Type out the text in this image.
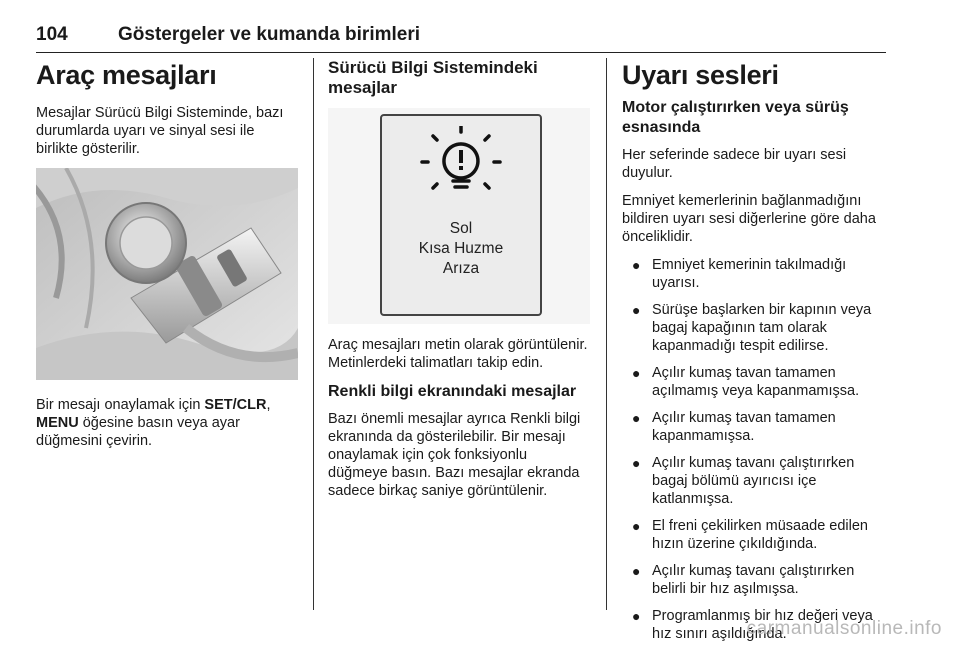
104	Göstergeler ve kumanda birimleri
Araç mesajları

Mesajlar Sürücü Bilgi Sisteminde, bazı durumlarda uyarı ve sinyal sesi ile birlikte gösterilir.

Bir mesajı onaylamak için SET/CLR, MENU öğesine basın veya ayar düğmesini çevirin.

Sürücü Bilgi Sistemindeki
mesajlar
Sol
Kısa Huzme
Arıza

Araç mesajları metin olarak görüntülenir. Metinlerdeki talimatları takip edin.

Renkli bilgi ekranındaki mesajlar

Bazı önemli mesajlar ayrıca Renkli bilgi ekranında da gösterilebilir. Bir mesajı onaylamak için çok fonksiyonlu düğmeye basın. Bazı mesajlar ekranda sadece birkaç saniye görüntülenir.

Uyarı sesleri
Motor çalıştırırken veya sürüş esnasında

Her seferinde sadece bir uyarı sesi duyulur.

Emniyet kemerlerinin bağlanmadığını bildiren uyarı sesi diğerlerine göre daha önceliklidir.

● Emniyet kemerinin takılmadığı uyarısı.
● Sürüşe başlarken bir kapının veya bagaj kapağının tam olarak kapanmadığı tespit edilirse.
● Açılır kumaş tavan tamamen açılmamış veya kapanmamışsa.
● Açılır kumaş tavan tamamen kapanmamışsa.
● Açılır kumaş tavanı çalıştırırken bagaj bölümü ayırıcısı içe katlanmışsa.
● El freni çekilirken müsaade edilen hızın üzerine çıkıldığında.
● Açılır kumaş tavanı çalıştırırken belirli bir hız aşılmışsa.
● Programlanmış bir hız değeri veya hız sınırı aşıldığında.
carmanualsonline.info
